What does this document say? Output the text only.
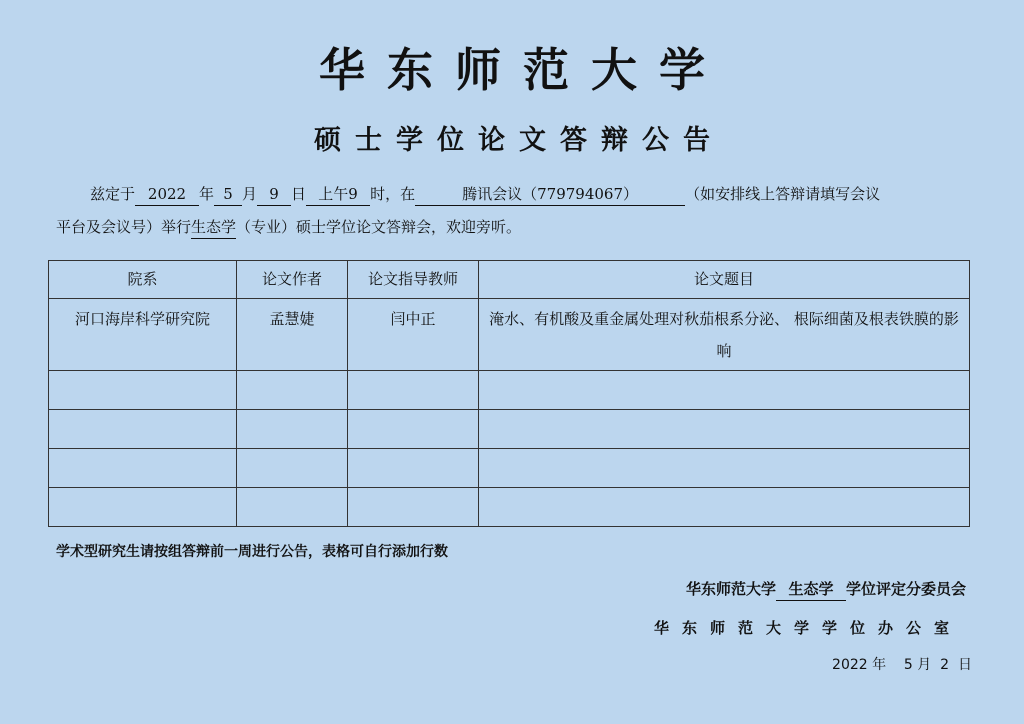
华东师范大学
硕士学位论文答辩公告
兹定于 2022 年 5 月 9 日 上午9 时，在	腾讯会议（779794067）	（如安排线上答辩请填写会议
平台及会议号）举行生态学（专业）硕士学位论文答辩会，欢迎旁听。
院系	论文作者	论文指导教师	论文题目
河口海岸科学研究院	孟慧婕	闫中正	淹水、有机酸及重金属处理对秋茄根系分泌、 根际细菌及根表铁膜的影响

学术型研究生请按组答辩前一周进行公告，表格可自行添加行数
华东师范大学 生态学 学位评定分委员会
华东师范大学学位办公室
2022 年    5 月  2  日
